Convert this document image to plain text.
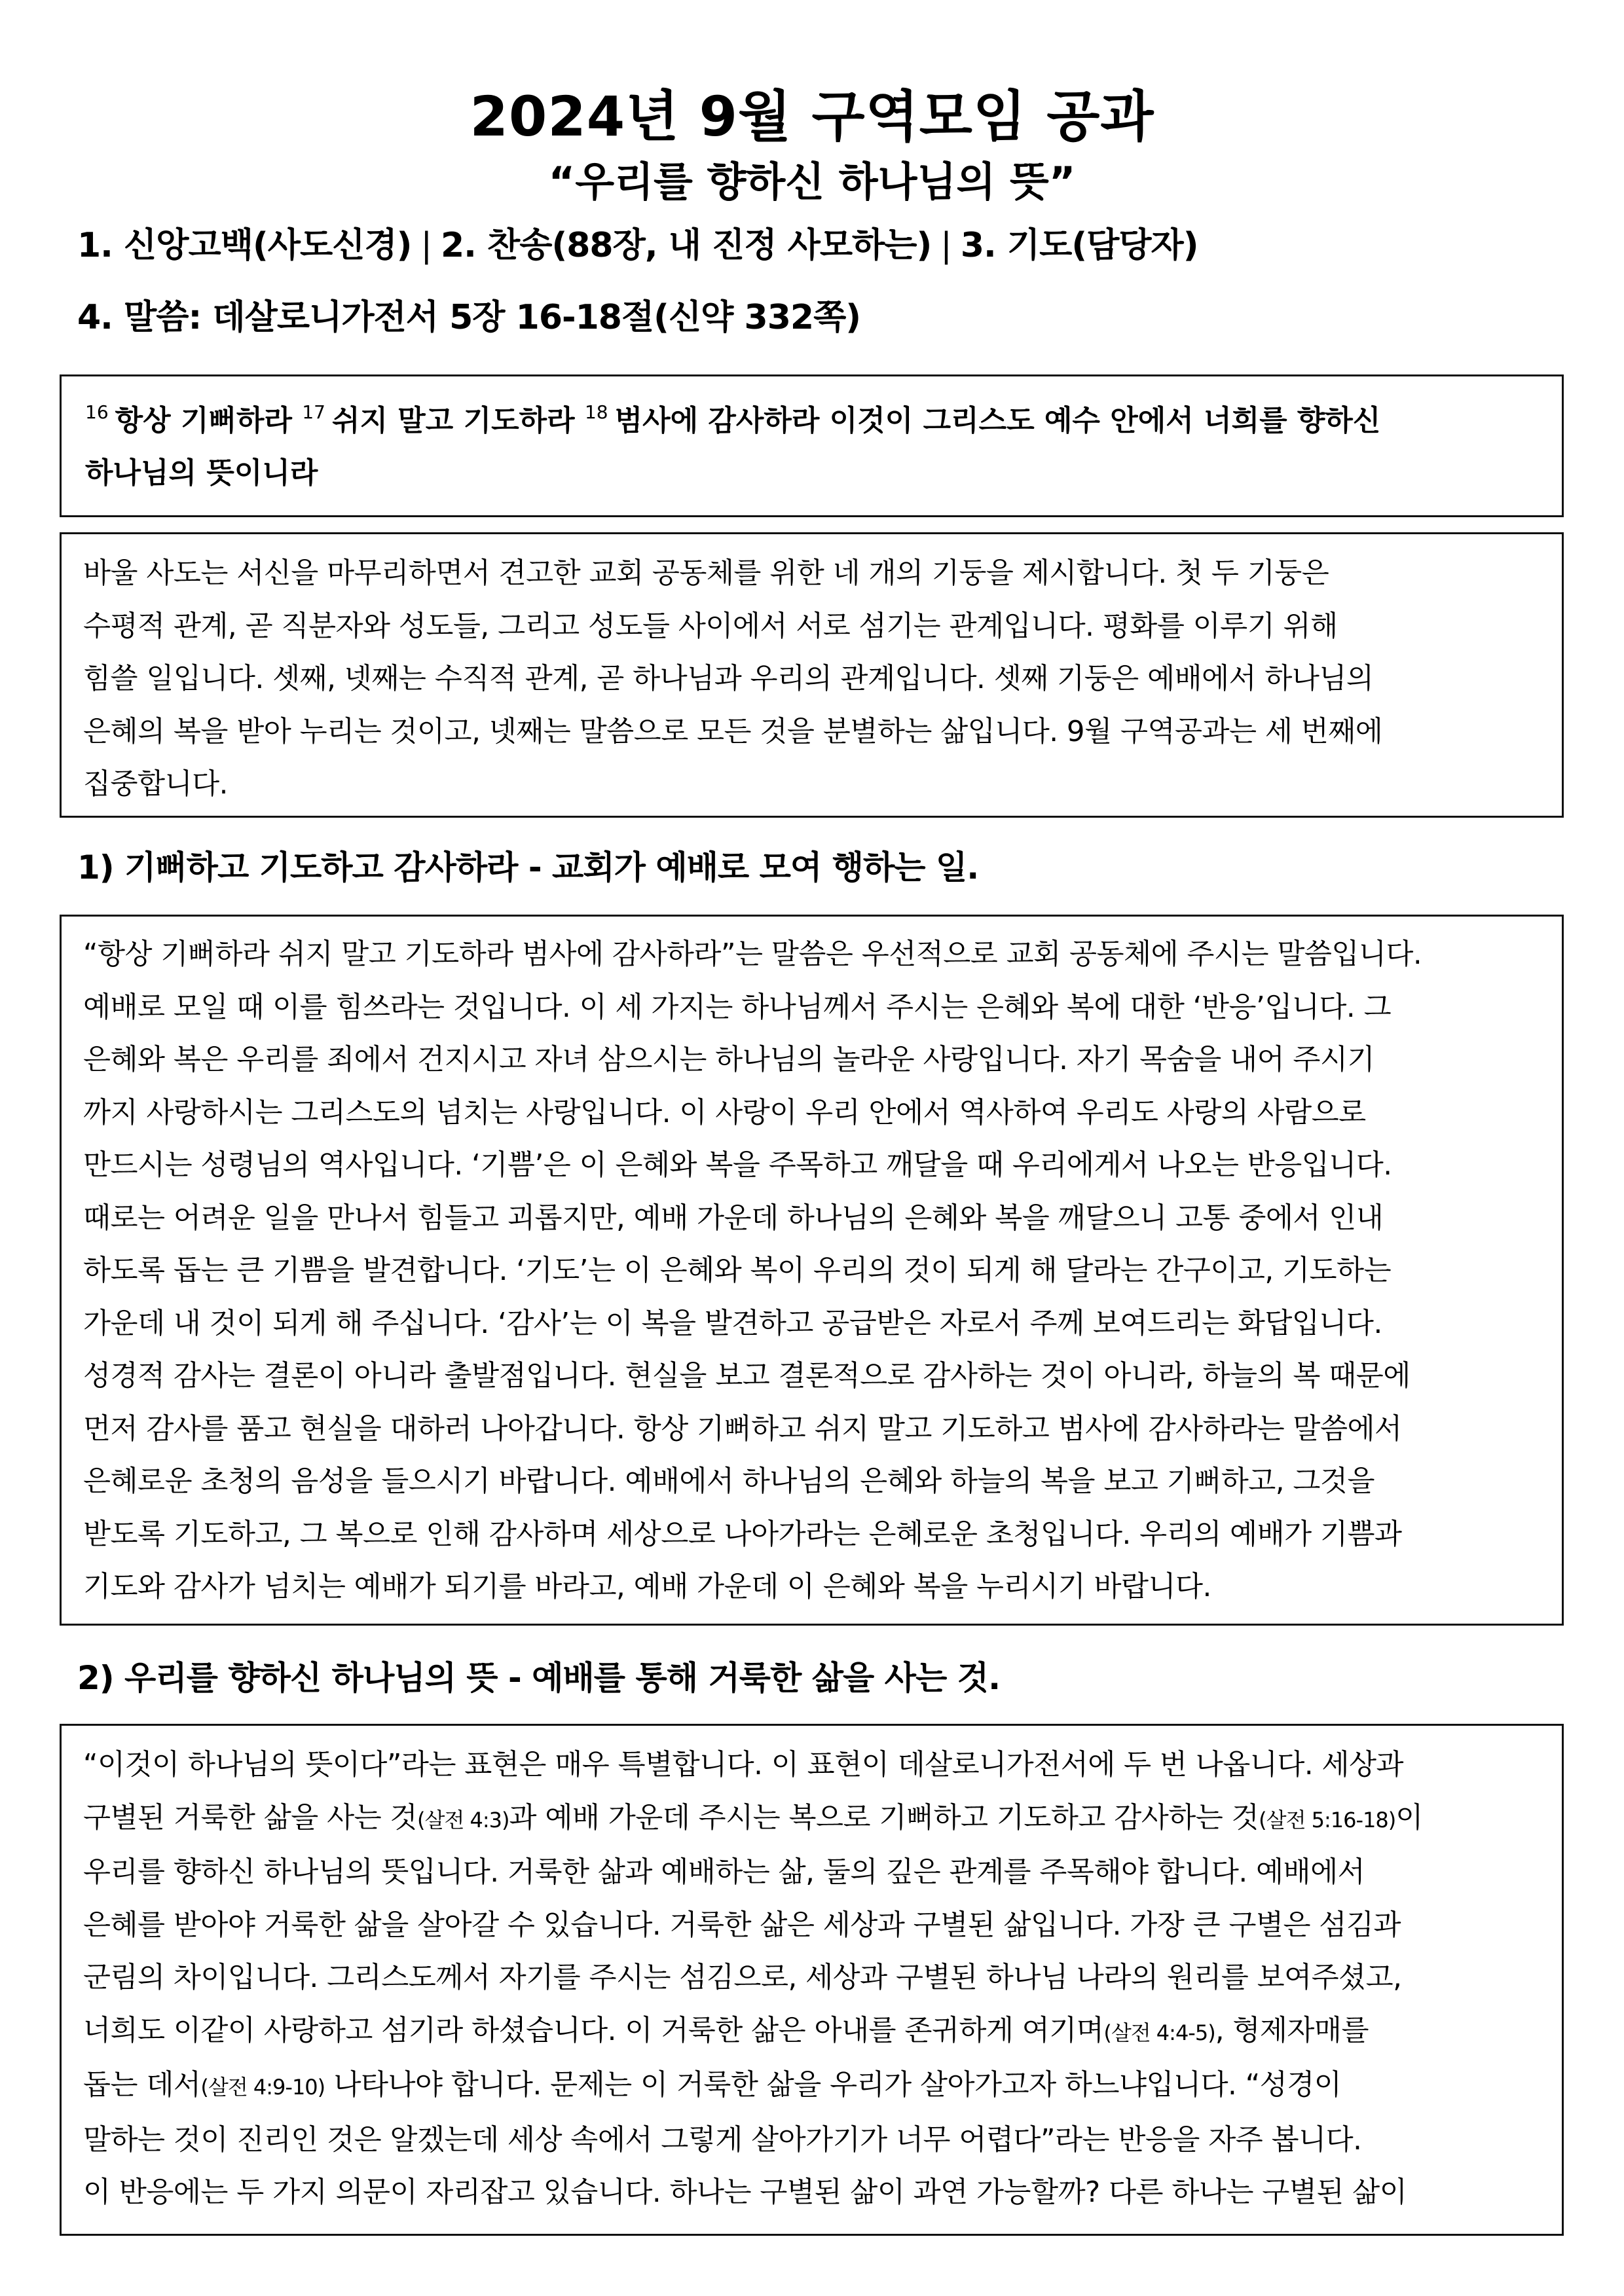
2024년 9월 구역모임 공과
“우리를 향하신 하나님의 뜻”
1. 신앙고백(사도신경) | 2. 찬송(88장, 내 진정 사모하는) | 3. 기도(담당자)
4. 말씀: 데살로니가전서 5장 16-18절(신약 332쪽)
$^{16}$ 항상 기뻐하라 $^{17}$ 쉬지 말고 기도하라 $^{18}$ 범사에 감사하라 이것이 그리스도 예수 안에서 너희를 향하신
하나님의 뜻이니라
바울 사도는 서신을 마무리하면서 견고한 교회 공동체를 위한 네 개의 기둥을 제시합니다. 첫 두 기둥은
수평적 관계, 곧 직분자와 성도들, 그리고 성도들 사이에서 서로 섬기는 관계입니다. 평화를 이루기 위해
힘쓸 일입니다. 셋째, 넷째는 수직적 관계, 곧 하나님과 우리의 관계입니다. 셋째 기둥은 예배에서 하나님의
은혜의 복을 받아 누리는 것이고, 넷째는 말씀으로 모든 것을 분별하는 삶입니다. 9월 구역공과는 세 번째에
집중합니다.
1) 기뻐하고 기도하고 감사하라 - 교회가 예배로 모여 행하는 일.
“항상 기뻐하라 쉬지 말고 기도하라 범사에 감사하라”는 말씀은 우선적으로 교회 공동체에 주시는 말씀입니다.
예배로 모일 때 이를 힘쓰라는 것입니다. 이 세 가지는 하나님께서 주시는 은혜와 복에 대한 ‘반응’입니다. 그
은혜와 복은 우리를 죄에서 건지시고 자녀 삼으시는 하나님의 놀라운 사랑입니다. 자기 목숨을 내어 주시기
까지 사랑하시는 그리스도의 넘치는 사랑입니다. 이 사랑이 우리 안에서 역사하여 우리도 사랑의 사람으로
만드시는 성령님의 역사입니다. ‘기쁨’은 이 은혜와 복을 주목하고 깨달을 때 우리에게서 나오는 반응입니다.
때로는 어려운 일을 만나서 힘들고 괴롭지만, 예배 가운데 하나님의 은혜와 복을 깨달으니 고통 중에서 인내
하도록 돕는 큰 기쁨을 발견합니다. ‘기도’는 이 은혜와 복이 우리의 것이 되게 해 달라는 간구이고, 기도하는
가운데 내 것이 되게 해 주십니다. ‘감사’는 이 복을 발견하고 공급받은 자로서 주께 보여드리는 화답입니다.
성경적 감사는 결론이 아니라 출발점입니다. 현실을 보고 결론적으로 감사하는 것이 아니라, 하늘의 복 때문에
먼저 감사를 품고 현실을 대하러 나아갑니다. 항상 기뻐하고 쉬지 말고 기도하고 범사에 감사하라는 말씀에서
은혜로운 초청의 음성을 들으시기 바랍니다. 예배에서 하나님의 은혜와 하늘의 복을 보고 기뻐하고, 그것을
받도록 기도하고, 그 복으로 인해 감사하며 세상으로 나아가라는 은혜로운 초청입니다. 우리의 예배가 기쁨과
기도와 감사가 넘치는 예배가 되기를 바라고, 예배 가운데 이 은혜와 복을 누리시기 바랍니다.
2) 우리를 향하신 하나님의 뜻 - 예배를 통해 거룩한 삶을 사는 것.
“이것이 하나님의 뜻이다”라는 표현은 매우 특별합니다. 이 표현이 데살로니가전서에 두 번 나옵니다. 세상과
구별된 거룩한 삶을 사는 것(살전 4:3)과 예배 가운데 주시는 복으로 기뻐하고 기도하고 감사하는 것(살전 5:16-18)이
우리를 향하신 하나님의 뜻입니다. 거룩한 삶과 예배하는 삶, 둘의 깊은 관계를 주목해야 합니다. 예배에서
은혜를 받아야 거룩한 삶을 살아갈 수 있습니다. 거룩한 삶은 세상과 구별된 삶입니다. 가장 큰 구별은 섬김과
군림의 차이입니다. 그리스도께서 자기를 주시는 섬김으로, 세상과 구별된 하나님 나라의 원리를 보여주셨고,
너희도 이같이 사랑하고 섬기라 하셨습니다. 이 거룩한 삶은 아내를 존귀하게 여기며(살전 4:4-5), 형제자매를
돕는 데서(살전 4:9-10) 나타나야 합니다. 문제는 이 거룩한 삶을 우리가 살아가고자 하느냐입니다. “성경이
말하는 것이 진리인 것은 알겠는데 세상 속에서 그렇게 살아가기가 너무 어렵다”라는 반응을 자주 봅니다.
이 반응에는 두 가지 의문이 자리잡고 있습니다. 하나는 구별된 삶이 과연 가능할까? 다른 하나는 구별된 삶이
